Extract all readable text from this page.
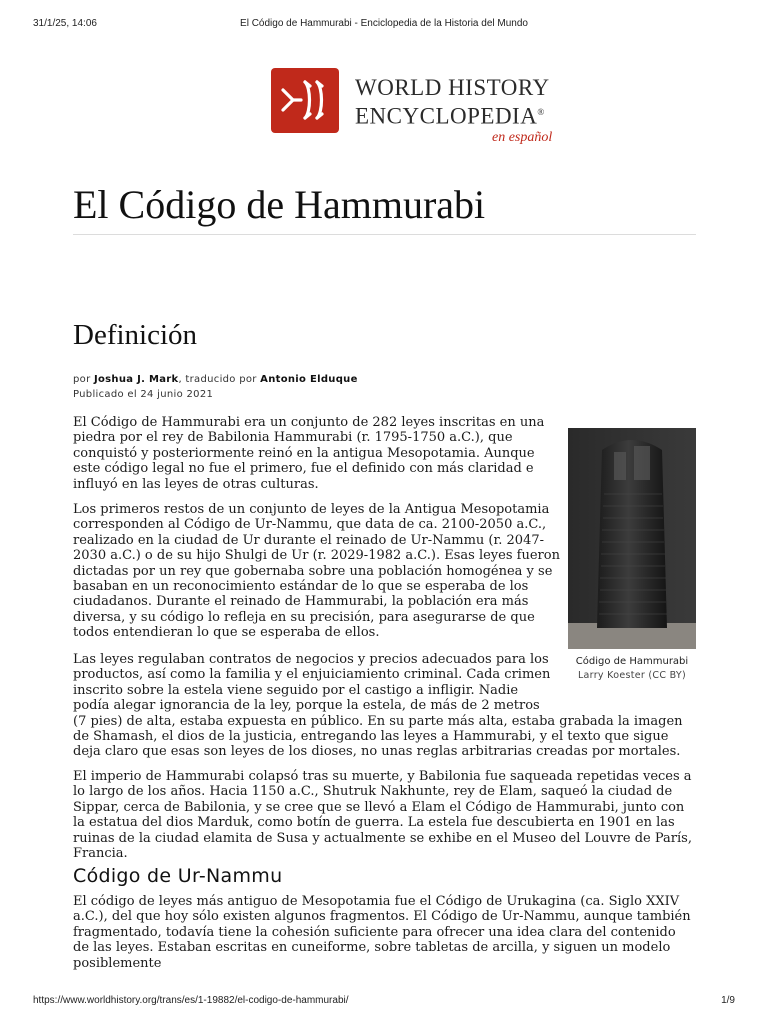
31/1/25, 14:06	El Código de Hammurabi - Enciclopedia de la Historia del Mundo
WORLD HISTORY
ENCYCLOPEDIA®
en español
El Código de Hammurabi
Definición
por Joshua J. Mark, traducido por Antonio Elduque
Publicado el 24 junio 2021
Código de Hammurabi
Larry Koester (CC BY)

El Código de Hammurabi era un conjunto de 282 leyes inscritas en una piedra por el rey de Babilonia Hammurabi (r. 1795-1750 a.C.), que conquistó y posteriormente reinó en la antigua Mesopotamia. Aunque este código legal no fue el primero, fue el definido con más claridad e influyó en las leyes de otras culturas.

Los primeros restos de un conjunto de leyes de la Antigua Mesopotamia corresponden al Código de Ur-Nammu, que data de ca. 2100-2050 a.C., realizado en la ciudad de Ur durante el reinado de Ur-Nammu (r. 2047-2030 a.C.) o de su hijo Shulgi de Ur (r. 2029-1982 a.C.). Esas leyes fueron dictadas por un rey que gobernaba sobre una población homogénea y se basaban en un reconocimiento estándar de lo que se esperaba de los ciudadanos. Durante el reinado de Hammurabi, la población era más diversa, y su código lo refleja en su precisión, para asegurarse de que todos entendieran lo que se esperaba de ellos.

Las leyes regulaban contratos de negocios y precios adecuados para los productos, así como la familia y el enjuiciamiento criminal. Cada crimen inscrito sobre la estela viene seguido por el castigo a infligir. Nadie podía alegar ignorancia de la ley, porque la estela, de más de 2 metros (7 pies) de alta, estaba expuesta en público. En su parte más alta, estaba grabada la imagen de Shamash, el dios de la justicia, entregando las leyes a Hammurabi, y el texto que sigue deja claro que esas son leyes de los dioses, no unas reglas arbitrarias creadas por mortales.

El imperio de Hammurabi colapsó tras su muerte, y Babilonia fue saqueada repetidas veces a lo largo de los años. Hacia 1150 a.C., Shutruk Nakhunte, rey de Elam, saqueó la ciudad de Sippar, cerca de Babilonia, y se cree que se llevó a Elam el Código de Hammurabi, junto con la estatua del dios Marduk, como botín de guerra. La estela fue descubierta en 1901 en las ruinas de la ciudad elamita de Susa y actualmente se exhibe en el Museo del Louvre de París, Francia.

Código de Ur-Nammu

El código de leyes más antiguo de Mesopotamia fue el Código de Urukagina (ca. Siglo XXIV a.C.), del que hoy sólo existen algunos fragmentos. El Código de Ur-Nammu, aunque también fragmentado, todavía tiene la cohesión suficiente para ofrecer una idea clara del contenido de las leyes. Estaban escritas en cuneiforme, sobre tabletas de arcilla, y siguen un modelo posiblemente

https://www.worldhistory.org/trans/es/1-19882/el-codigo-de-hammurabi/	1/9
